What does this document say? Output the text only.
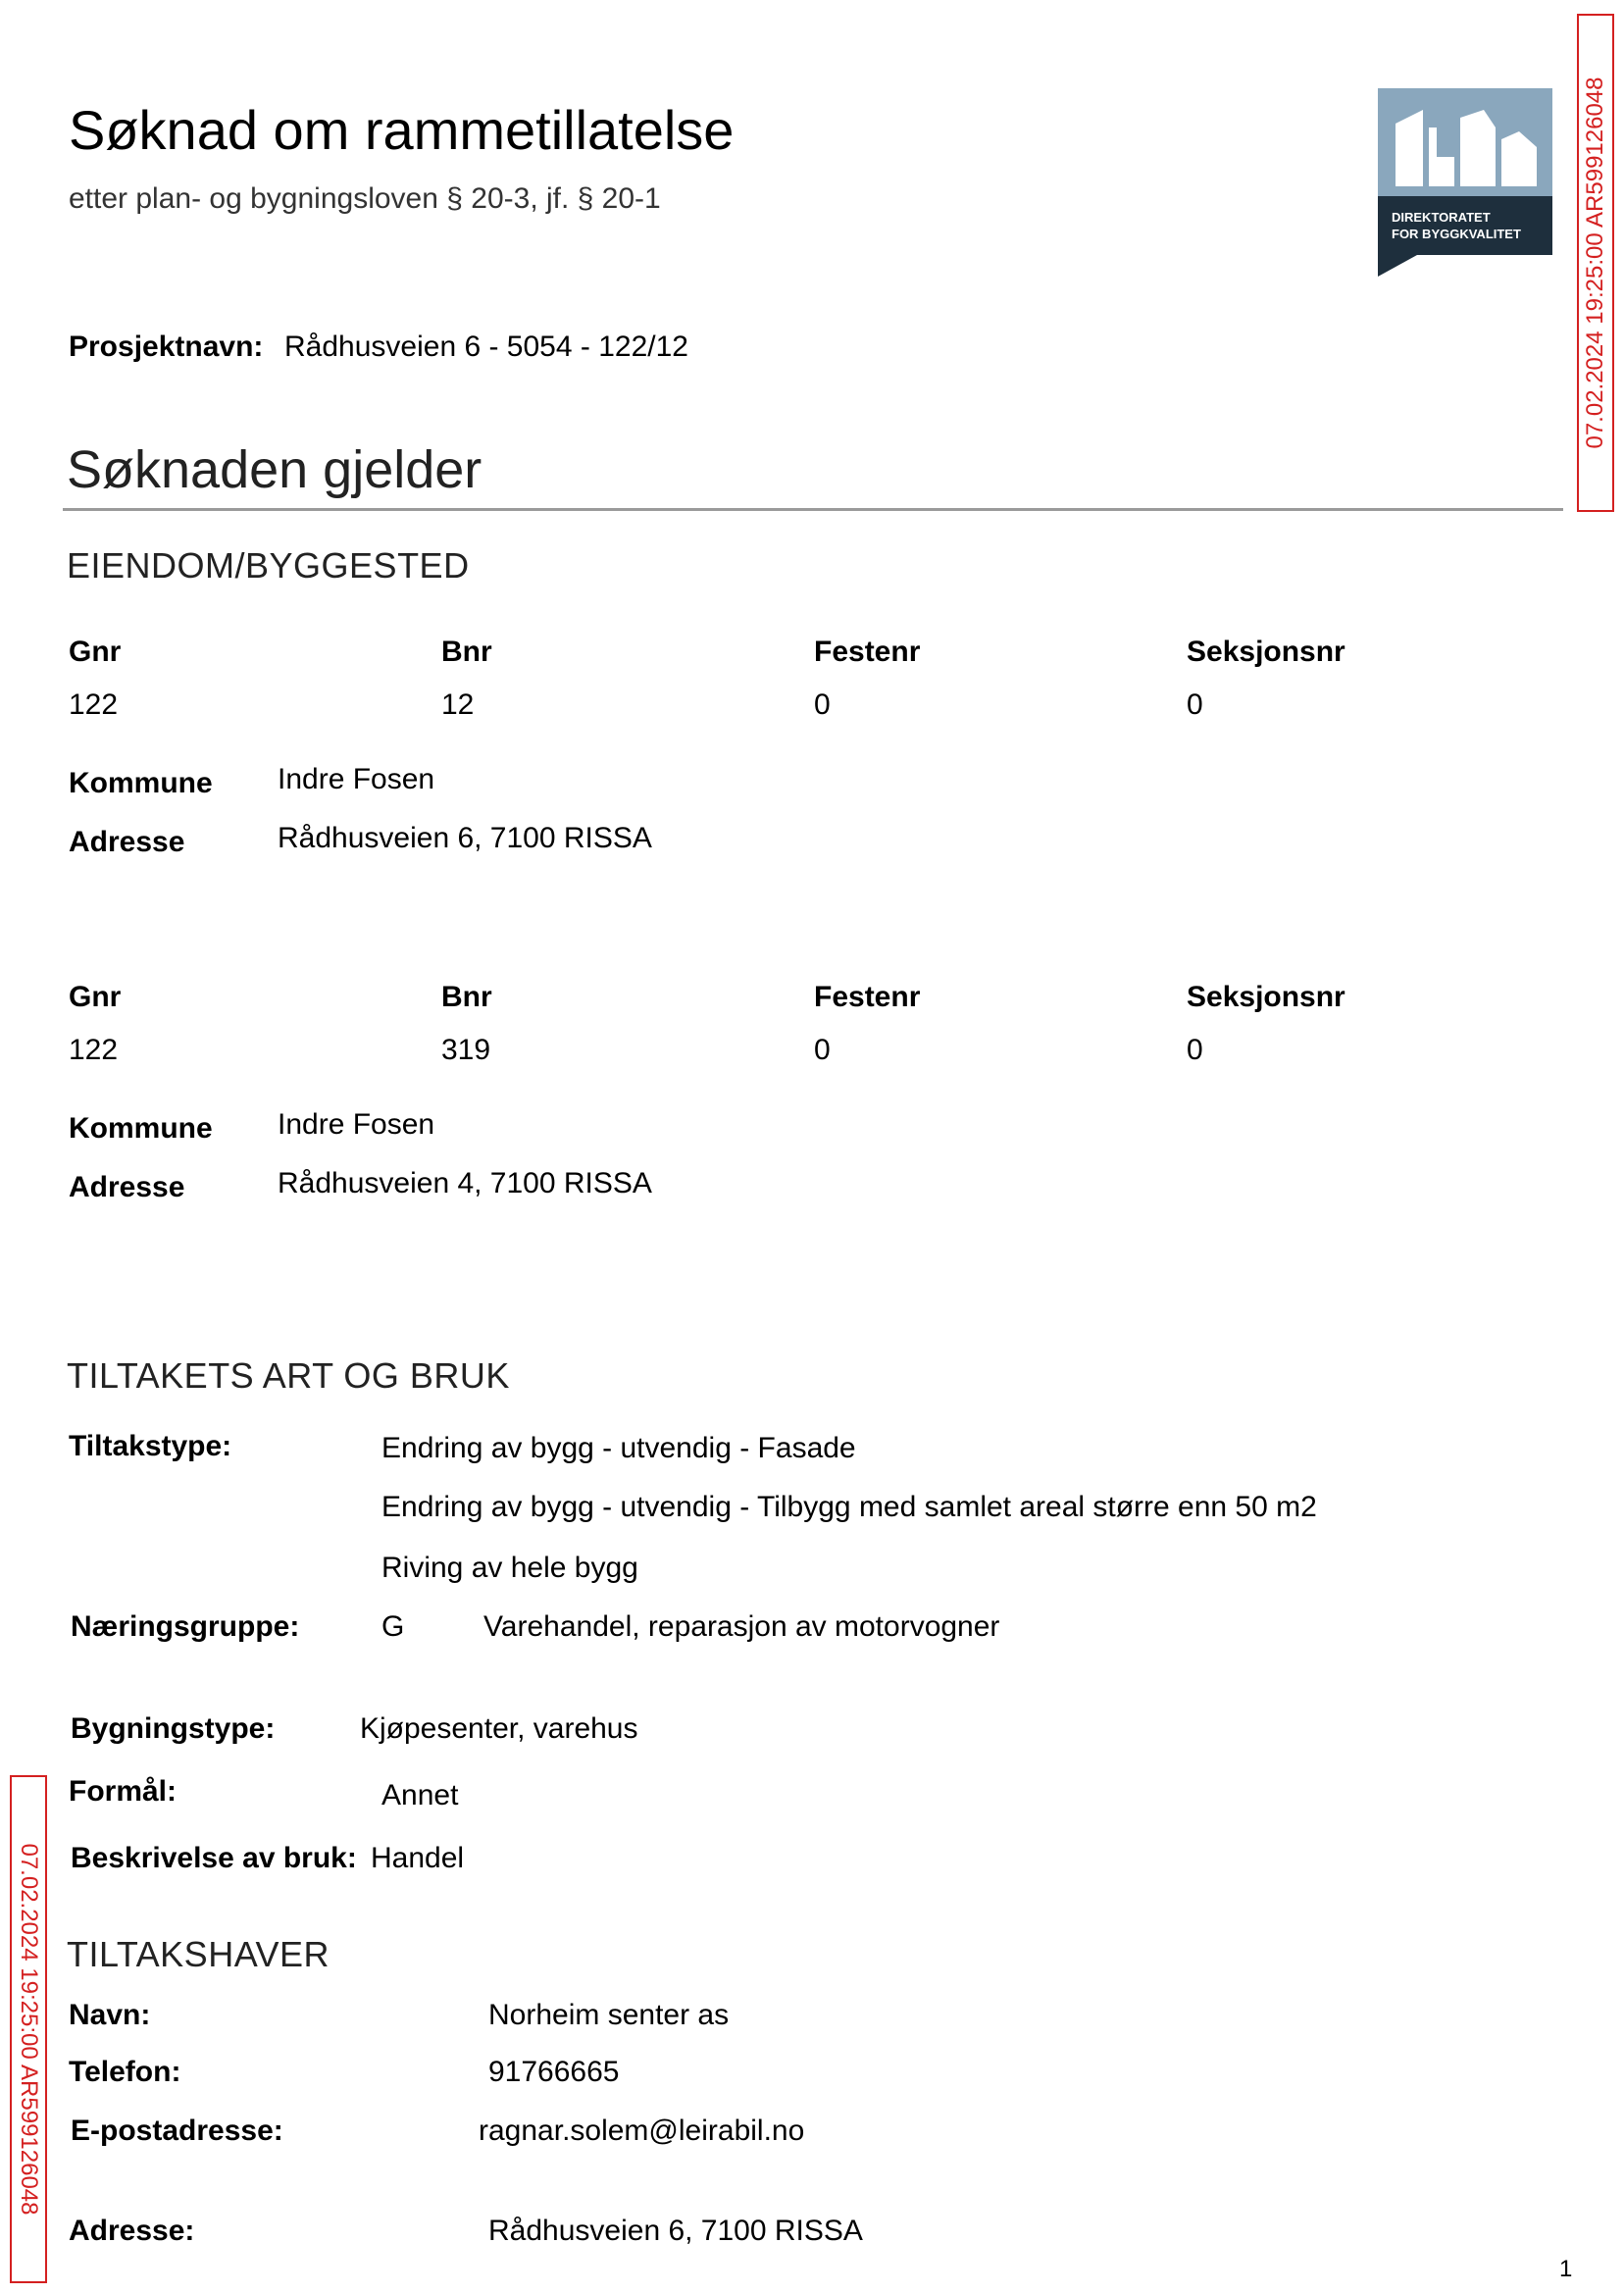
Søknad om rammetillatelse
etter plan- og bygningsloven § 20-3, jf. § 20-1
Prosjektnavn: Rådhusveien 6 - 5054 - 122/12
DIREKTORATET
FOR BYGGKVALITET	07.02.2024 19:25:00 AR599126048
07.02.2024 19:25:00 AR599126048
Søknaden gjelder
EIENDOM/BYGGESTED
Gnr	Bnr	Festenr	Seksjonsnr
122	12	0	0
Kommune Indre Fosen
Adresse	Rådhusveien 6, 7100 RISSA
Gnr	Bnr	Festenr	Seksjonsnr
122	319	0	0
Kommune Indre Fosen
Adresse	Rådhusveien 4, 7100 RISSA
TILTAKETS ART OG BRUK
Tiltakstype:	Endring av bygg - utvendig - Fasade
Endring av bygg - utvendig - Tilbygg med samlet areal større enn 50 m2
Riving av hele bygg
Næringsgruppe:	G	Varehandel, reparasjon av motorvogner
Bygningstype:	Kjøpesenter, varehus
Formål:	Annet
Beskrivelse av bruk: Handel
TILTAKSHAVER
Navn:	Norheim senter as
Telefon:	91766665
E-postadresse:	ragnar.solem@leirabil.no
Adresse:	Rådhusveien 6, 7100 RISSA
1
